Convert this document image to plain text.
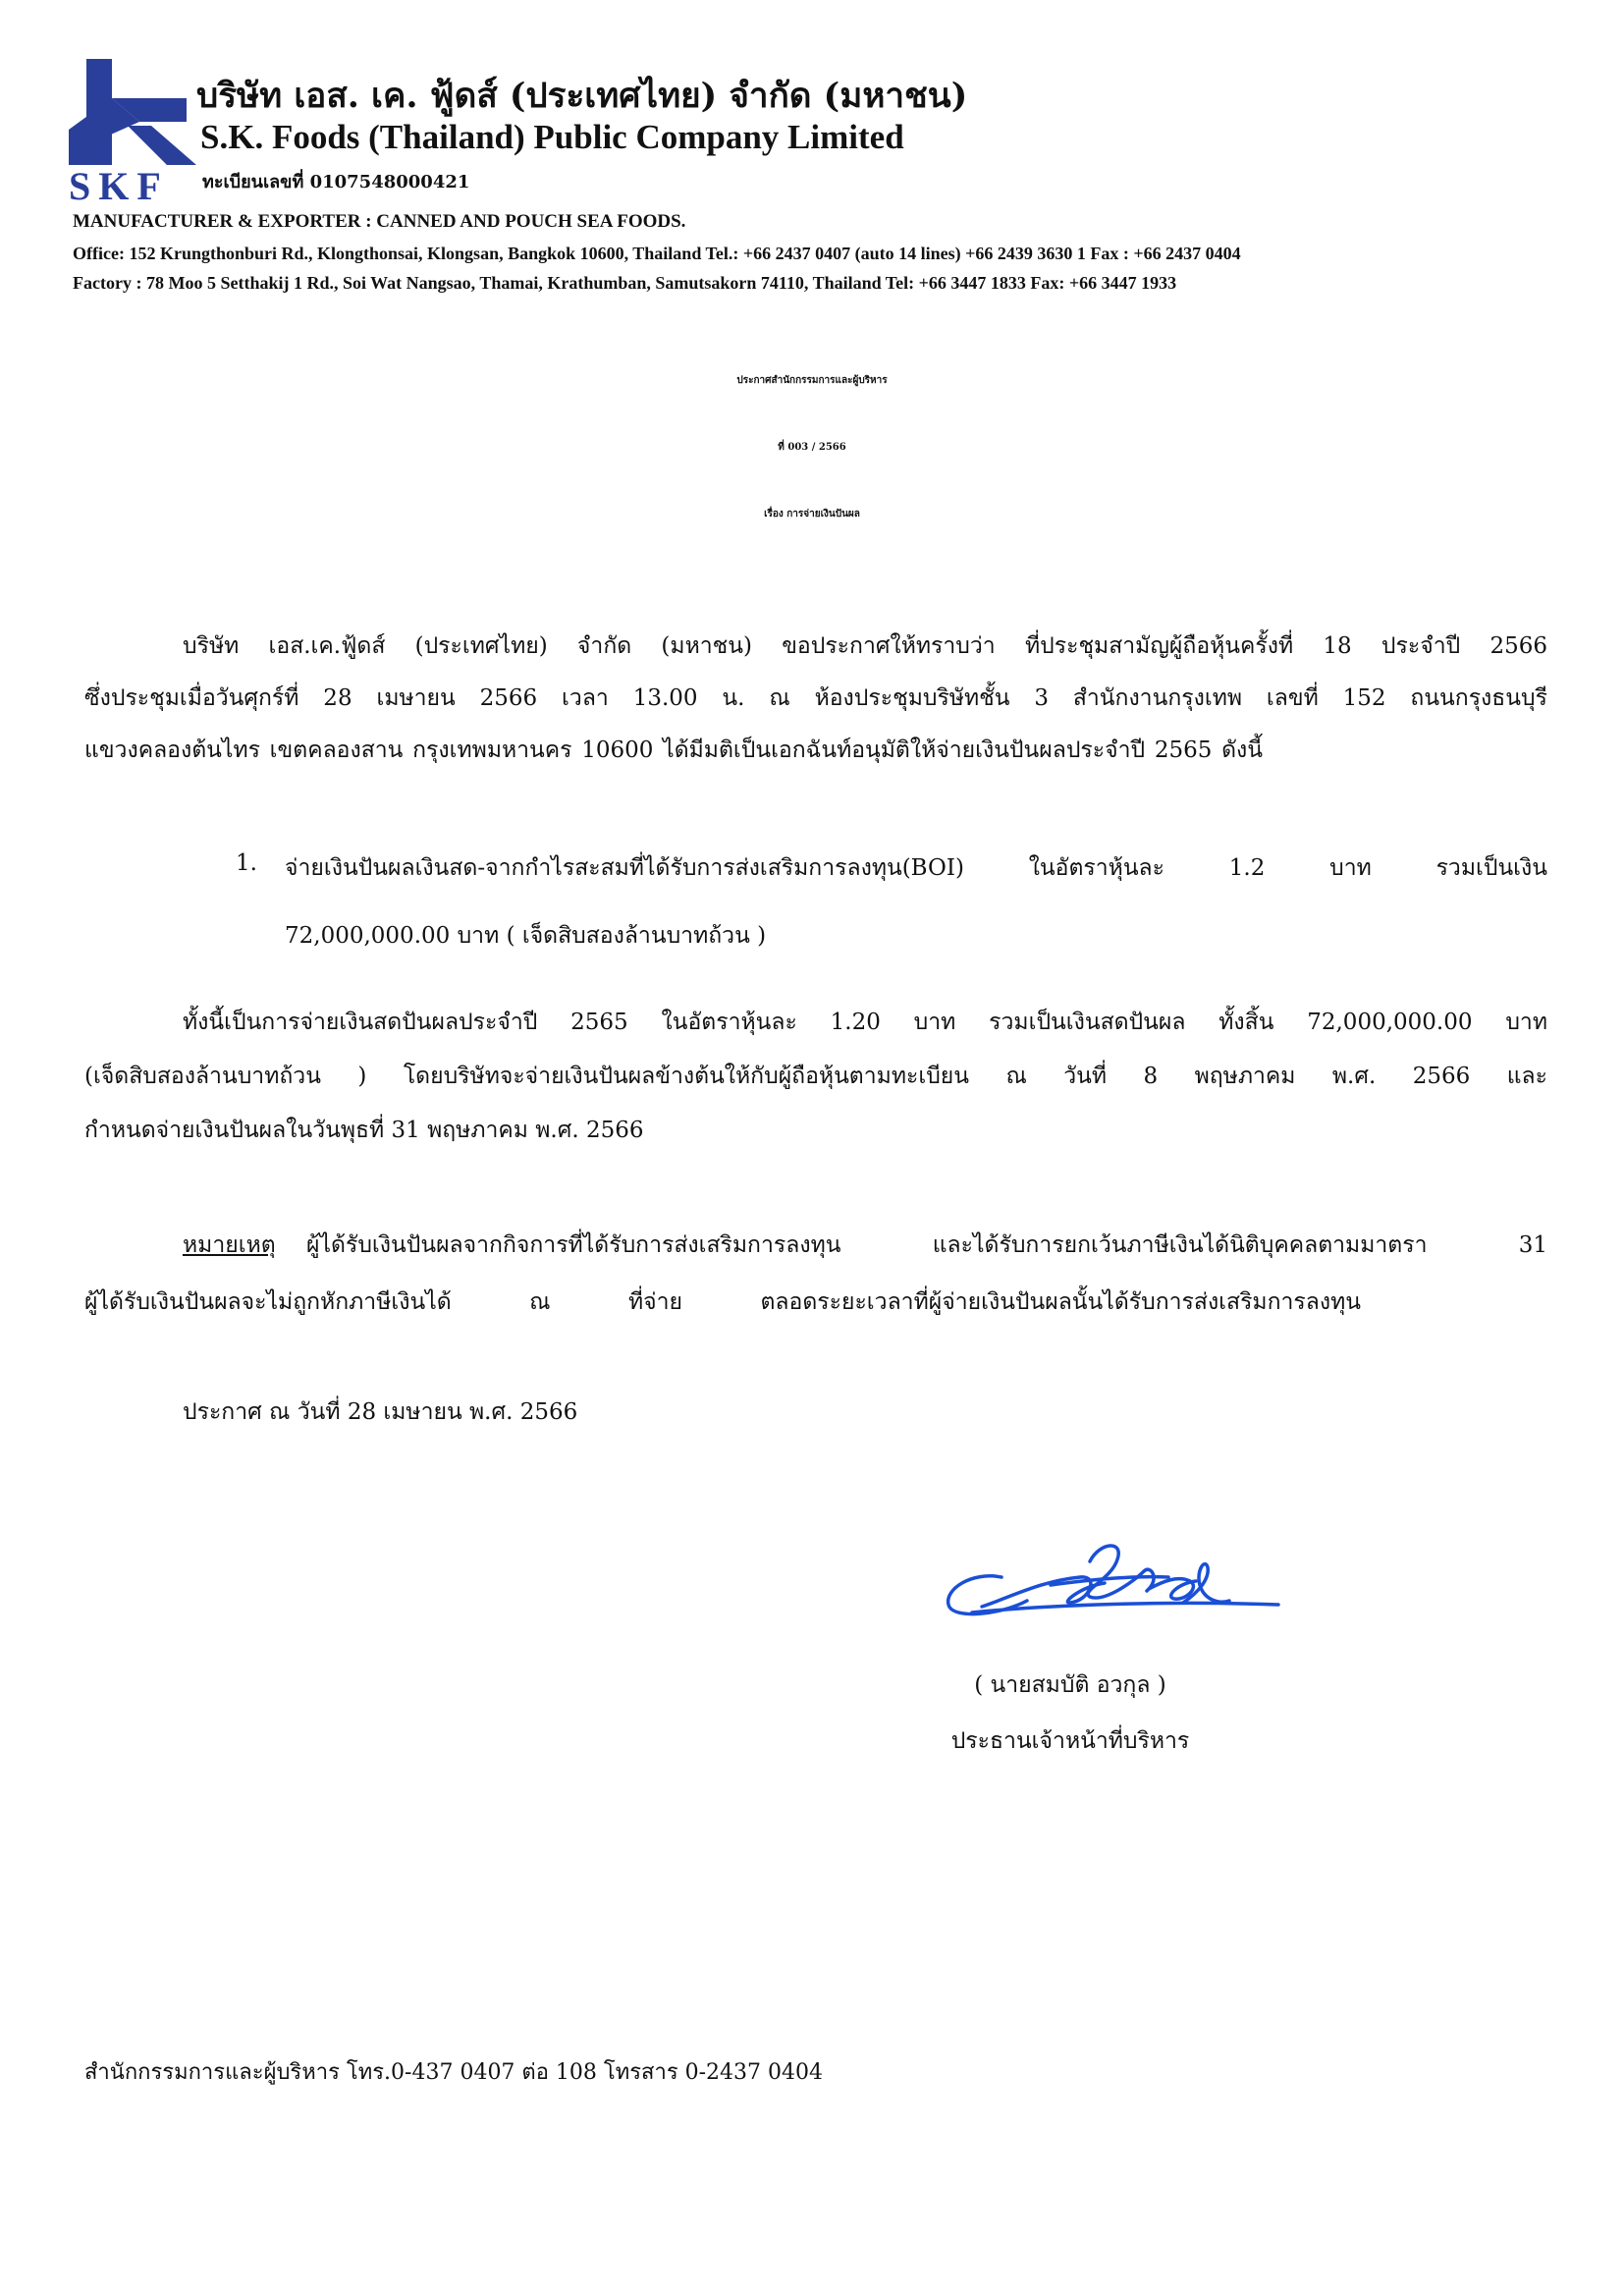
SKF
บริษัท เอส. เค. ฟู้ดส์ (ประเทศไทย) จำกัด (มหาชน)
S.K. Foods (Thailand) Public Company Limited
ทะเบียนเลขที่ 0107548000421
MANUFACTURER & EXPORTER : CANNED AND POUCH SEA FOODS.
Office: 152 Krungthonburi Rd., Klongthonsai, Klongsan, Bangkok 10600, Thailand Tel.: +66 2437 0407 (auto 14 lines) +66 2439 3630 1 Fax : +66 2437 0404
Factory : 78 Moo 5 Setthakij 1 Rd., Soi Wat Nangsao, Thamai, Krathumban, Samutsakorn 74110, Thailand Tel: +66 3447 1833 Fax: +66 3447 1933
ประกาศสำนักกรรมการและผู้บริหาร
ที่ 003 / 2566
เรื่อง การจ่ายเงินปันผล
บริษัท เอส.เค.ฟู้ดส์ (ประเทศไทย) จำกัด (มหาชน) ขอประกาศให้ทราบว่า ที่ประชุมสามัญผู้ถือหุ้นครั้งที่ 18 ประจำปี 2566
ซึ่งประชุมเมื่อวันศุกร์ที่ 28 เมษายน 2566 เวลา 13.00 น. ณ ห้องประชุมบริษัทชั้น 3 สำนักงานกรุงเทพ เลขที่ 152 ถนนกรุงธนบุรี
แขวงคลองต้นไทร เขตคลองสาน กรุงเทพมหานคร 10600 ได้มีมติเป็นเอกฉันท์อนุมัติให้จ่ายเงินปันผลประจำปี 2565 ดังนี้
1. จ่ายเงินปันผลเงินสด-จากกำไรสะสมที่ได้รับการส่งเสริมการลงทุน(BOI) ในอัตราหุ้นละ 1.2 บาท รวมเป็นเงิน
72,000,000.00 บาท ( เจ็ดสิบสองล้านบาทถ้วน )
ทั้งนี้เป็นการจ่ายเงินสดปันผลประจำปี 2565 ในอัตราหุ้นละ 1.20 บาท รวมเป็นเงินสดปันผล ทั้งสิ้น 72,000,000.00 บาท
(เจ็ดสิบสองล้านบาทถ้วน ) โดยบริษัทจะจ่ายเงินปันผลข้างต้นให้กับผู้ถือหุ้นตามทะเบียน ณ วันที่ 8 พฤษภาคม พ.ศ. 2566 และ
กำหนดจ่ายเงินปันผลในวันพุธที่ 31 พฤษภาคม พ.ศ. 2566
หมายเหตุ ผู้ได้รับเงินปันผลจากกิจการที่ได้รับการส่งเสริมการลงทุน และได้รับการยกเว้นภาษีเงินได้นิติบุคคลตามมาตรา 31
ผู้ได้รับเงินปันผลจะไม่ถูกหักภาษีเงินได้ ณ ที่จ่าย ตลอดระยะเวลาที่ผู้จ่ายเงินปันผลนั้นได้รับการส่งเสริมการลงทุน
ประกาศ ณ วันที่ 28 เมษายน พ.ศ. 2566
( นายสมบัติ อวกุล )
ประธานเจ้าหน้าที่บริหาร
สำนักกรรมการและผู้บริหาร โทร.0-437 0407 ต่อ 108 โทรสาร 0-2437 0404
